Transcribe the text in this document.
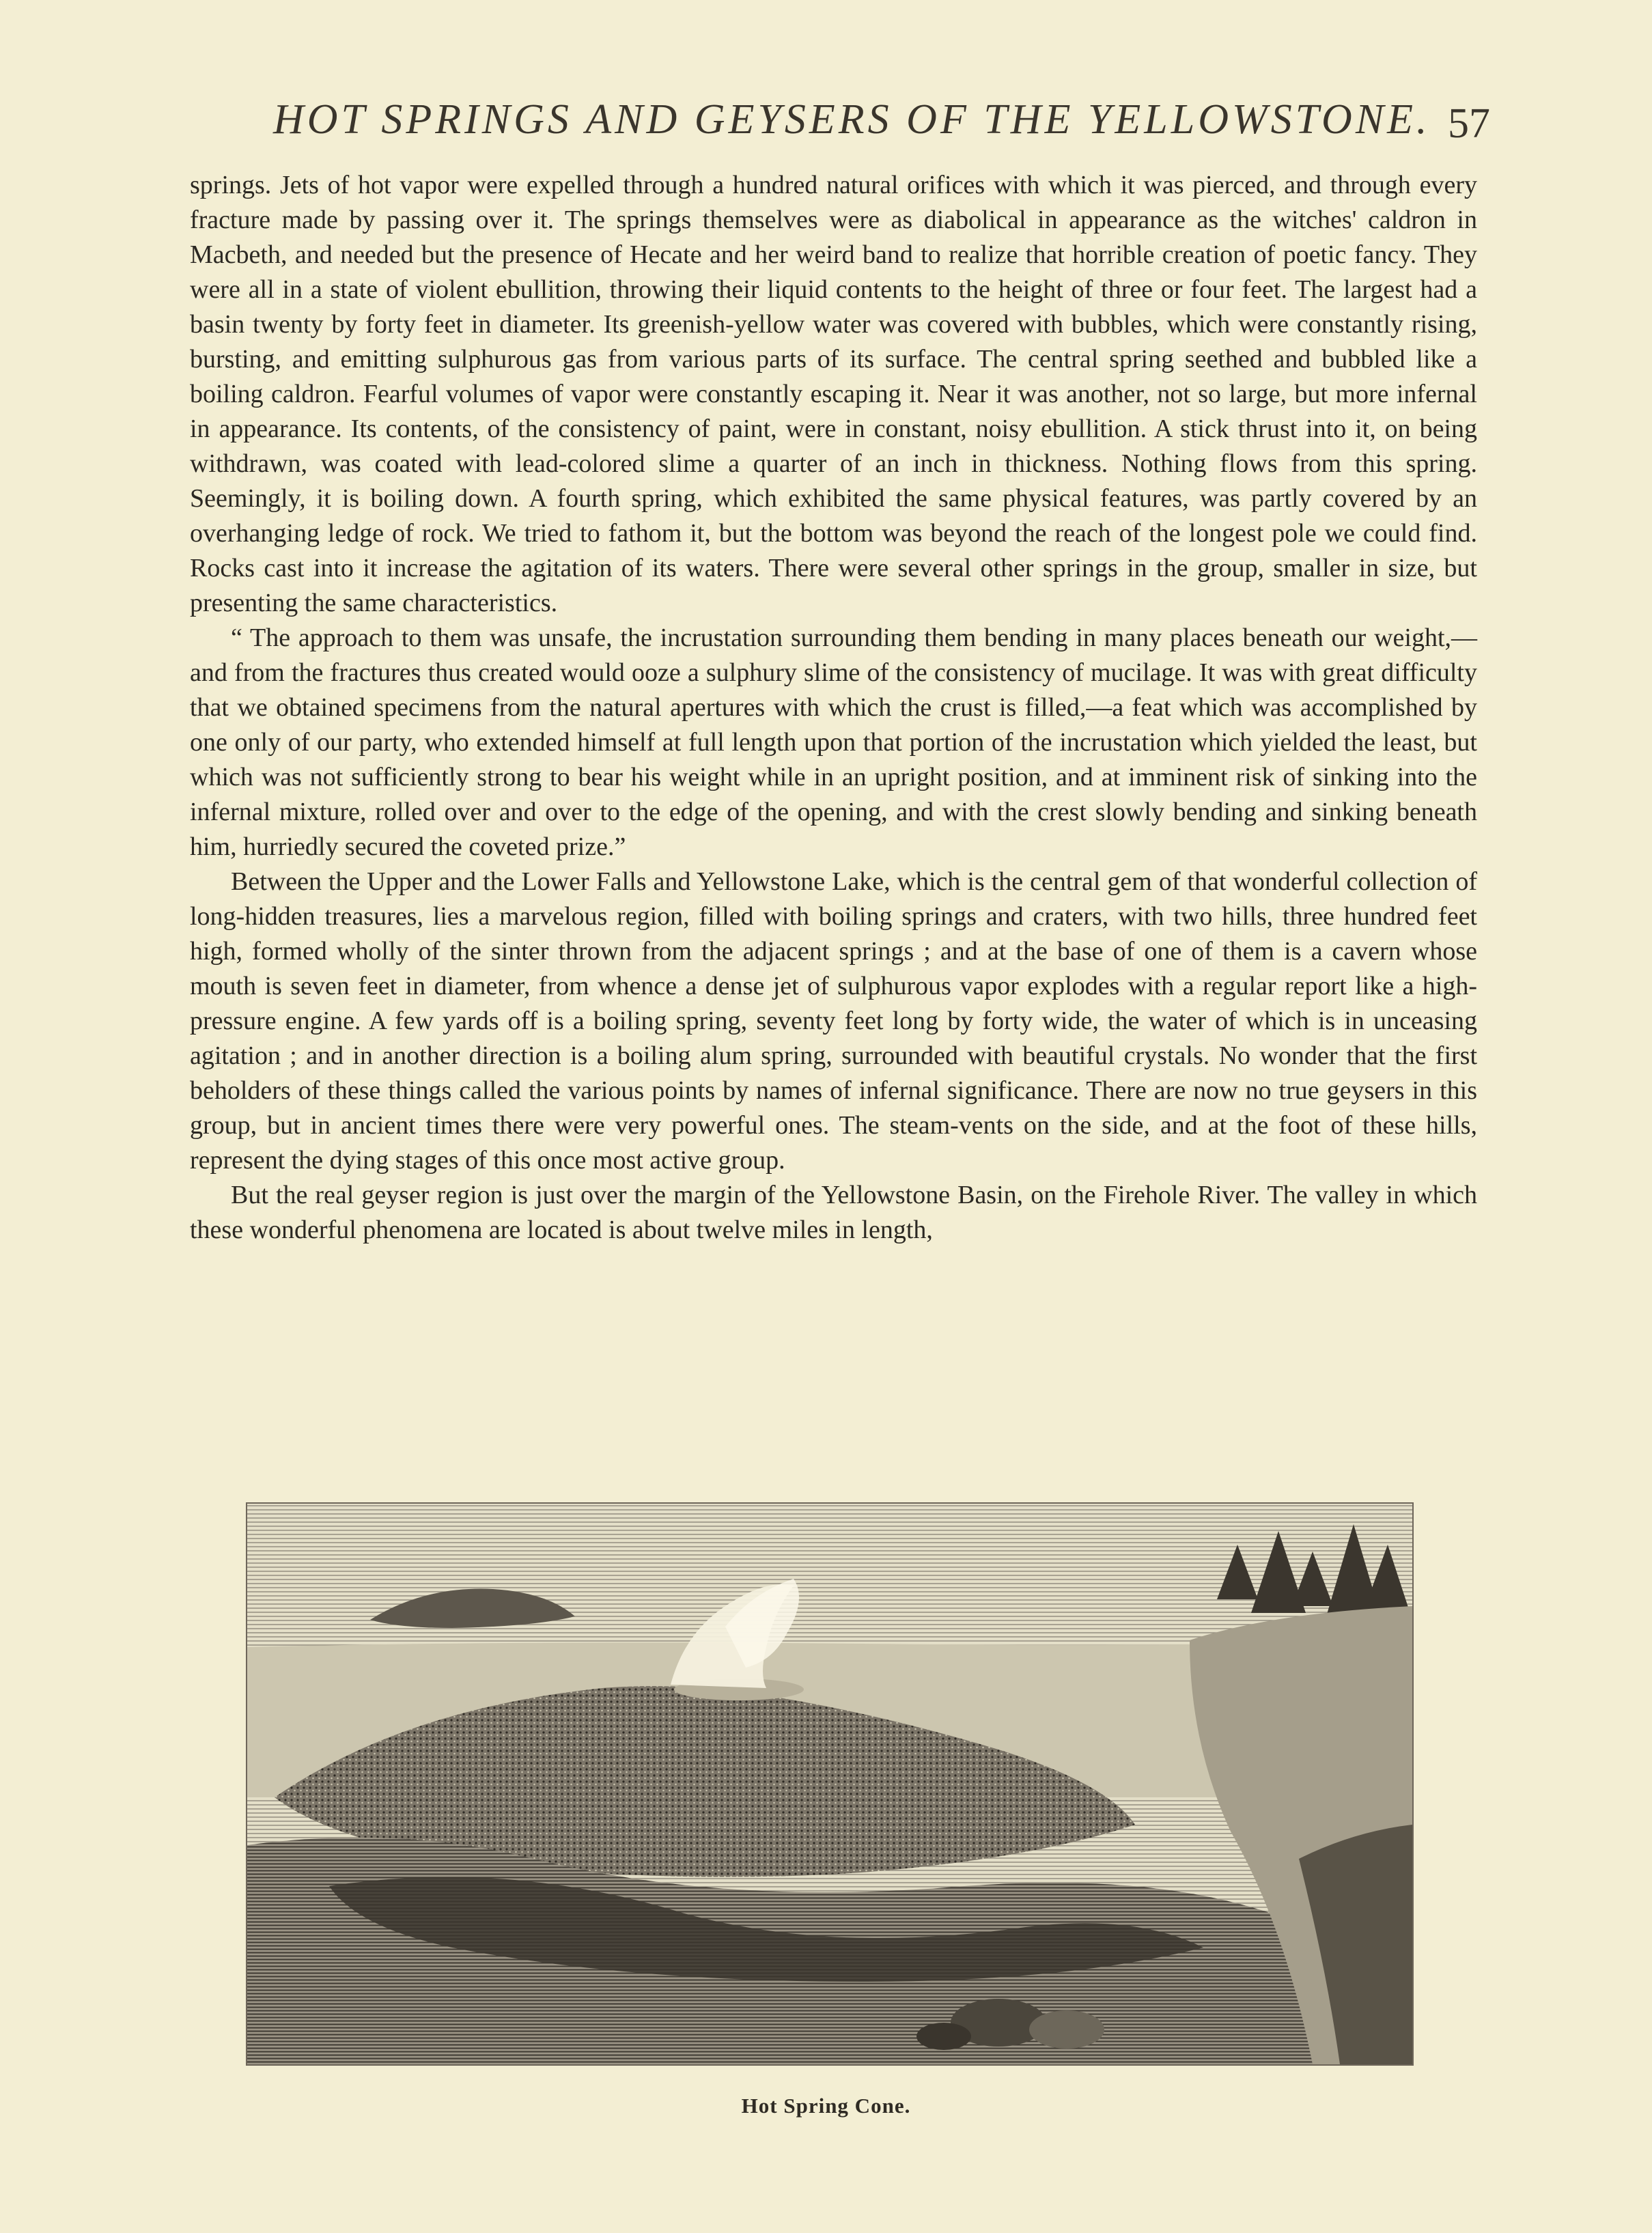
HOT SPRINGS AND GEYSERS OF THE YELLOWSTONE. 57

springs. Jets of hot vapor were expelled through a hundred natural orifices with which it was pierced, and through every fracture made by passing over it. The springs themselves were as diabolical in appearance as the witches' caldron in Macbeth, and needed but the presence of Hecate and her weird band to realize that horrible creation of poetic fancy. They were all in a state of violent ebullition, throwing their liquid contents to the height of three or four feet. The largest had a basin twenty by forty feet in diameter. Its greenish-yellow water was covered with bubbles, which were constantly rising, bursting, and emitting sulphurous gas from various parts of its surface. The central spring seethed and bubbled like a boiling caldron. Fearful volumes of vapor were constantly escaping it. Near it was another, not so large, but more infernal in appearance. Its contents, of the consistency of paint, were in constant, noisy ebullition. A stick thrust into it, on being withdrawn, was coated with lead-colored slime a quarter of an inch in thickness. Nothing flows from this spring. Seemingly, it is boiling down. A fourth spring, which exhibited the same physical features, was partly covered by an overhanging ledge of rock. We tried to fathom it, but the bottom was beyond the reach of the longest pole we could find. Rocks cast into it increase the agitation of its waters. There were several other springs in the group, smaller in size, but presenting the same characteristics.

“ The approach to them was unsafe, the incrustation surrounding them bending in many places beneath our weight,—and from the fractures thus created would ooze a sulphury slime of the consistency of mucilage. It was with great difficulty that we obtained specimens from the natural apertures with which the crust is filled,—a feat which was accomplished by one only of our party, who extended himself at full length upon that portion of the incrustation which yielded the least, but which was not sufficiently strong to bear his weight while in an upright position, and at imminent risk of sinking into the infernal mixture, rolled over and over to the edge of the opening, and with the crest slowly bending and sinking beneath him, hurriedly secured the coveted prize.”

Between the Upper and the Lower Falls and Yellowstone Lake, which is the central gem of that wonderful collection of long-hidden treasures, lies a marvelous region, filled with boiling springs and craters, with two hills, three hundred feet high, formed wholly of the sinter thrown from the adjacent springs ; and at the base of one of them is a cavern whose mouth is seven feet in diameter, from whence a dense jet of sulphurous vapor explodes with a regular report like a high-pressure engine. A few yards off is a boiling spring, seventy feet long by forty wide, the water of which is in unceasing agitation ; and in another direction is a boiling alum spring, surrounded with beautiful crystals. No wonder that the first beholders of these things called the various points by names of infernal significance. There are now no true geysers in this group, but in ancient times there were very powerful ones. The steam-vents on the side, and at the foot of these hills, represent the dying stages of this once most active group.

But the real geyser region is just over the margin of the Yellowstone Basin, on the Firehole River. The valley in which these wonderful phenomena are located is about twelve miles in length,

Hot Spring Cone.
